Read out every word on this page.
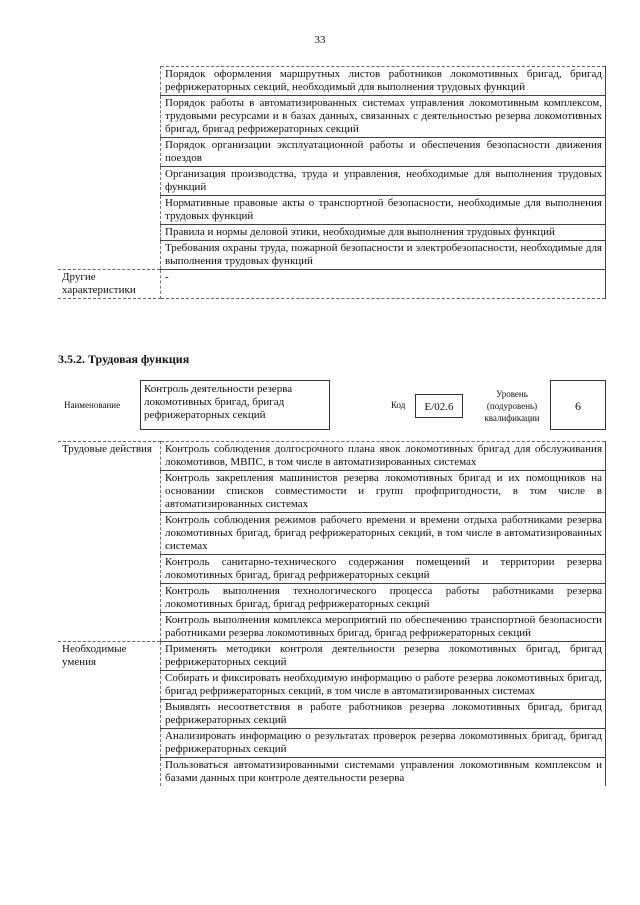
33
	Порядок оформления маршрутных листов работников локомотивных бригад, бригад рефрижераторных секций, необходимый для выполнения трудовых функций
	Порядок работы в автоматизированных системах управления локомотивным комплексом, трудовыми ресурсами и в базах данных, связанных с деятельностью резерва локомотивных бригад, бригад рефрижераторных секций
	Порядок организации эксплуатационной работы и обеспечения безопасности движения поездов
	Организация производства, труда и управления, необходимые для выполнения трудовых функций
	Нормативные правовые акты о транспортной безопасности, необходимые для выполнения трудовых функций
	Правила и нормы деловой этики, необходимые для выполнения трудовых функций
	Требования охраны труда, пожарной безопасности и электробезопасности, необходимые для выполнения трудовых функций
Другие характеристики	-
3.5.2. Трудовая функция
Наименование
Контроль деятельности резерва локомотивных бригад, бригад рефрижераторных секций
Код	E/02.6
Уровень (подуровень) квалификации
6
Трудовые действия	Контроль соблюдения долгосрочного плана явок локомотивных бригад для обслуживания локомотивов, МВПС, в том числе в автоматизированных системах
	Контроль закрепления машинистов резерва локомотивных бригад и их помощников на основании списков совместимости и групп профпригодности, в том числе в автоматизированных системах
	Контроль соблюдения режимов рабочего времени и времени отдыха работниками резерва локомотивных бригад, бригад рефрижераторных секций, в том числе в автоматизированных системах
	Контроль санитарно-технического содержания помещений и территории резерва локомотивных бригад, бригад рефрижераторных секций
	Контроль выполнения технологического процесса работы работниками резерва локомотивных бригад, бригад рефрижераторных секций
	Контроль выполнения комплекса мероприятий по обеспечению транспортной безопасности работниками резерва локомотивных бригад, бригад рефрижераторных секций
Необходимые умения	Применять методики контроля деятельности резерва локомотивных бригад, бригад рефрижераторных секций
	Собирать и фиксировать необходимую информацию о работе резерва локомотивных бригад, бригад рефрижераторных секций, в том числе в автоматизированных системах
	Выявлять несоответствия в работе работников резерва локомотивных бригад, бригад рефрижераторных секций
	Анализировать информацию о результатах проверок резерва локомотивных бригад, бригад рефрижераторных секций
	Пользоваться автоматизированными системами управления локомотивным комплексом и базами данных при контроле деятельности резерва
